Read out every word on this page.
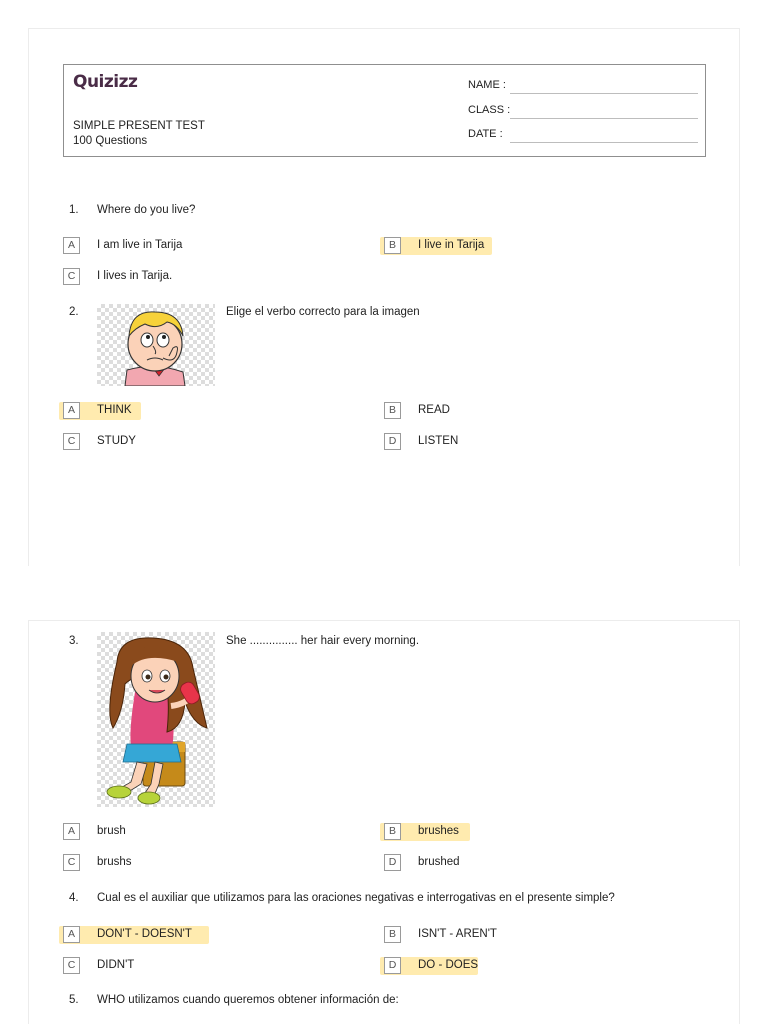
Quizizz
SIMPLE PRESENT TEST
100 Questions
NAME :
CLASS :
DATE :
1. Where do you live?
A	I am live in Tarija	B	I live in Tarija
C	I lives in Tarija.
2.	Elige el verbo correcto para la imagen
A	THINK	B	READ
C	STUDY	D	LISTEN
3.	She ............... her hair every morning.
A	brush	B	brushes
C	brushs	D	brushed
4. Cual es el auxiliar que utilizamos para las oraciones negativas e interrogativas en el presente simple?
A	DON'T - DOESN'T	B	ISN'T - AREN'T
C	DIDN'T	D	DO - DOES
5. WHO utilizamos cuando queremos obtener información de:
